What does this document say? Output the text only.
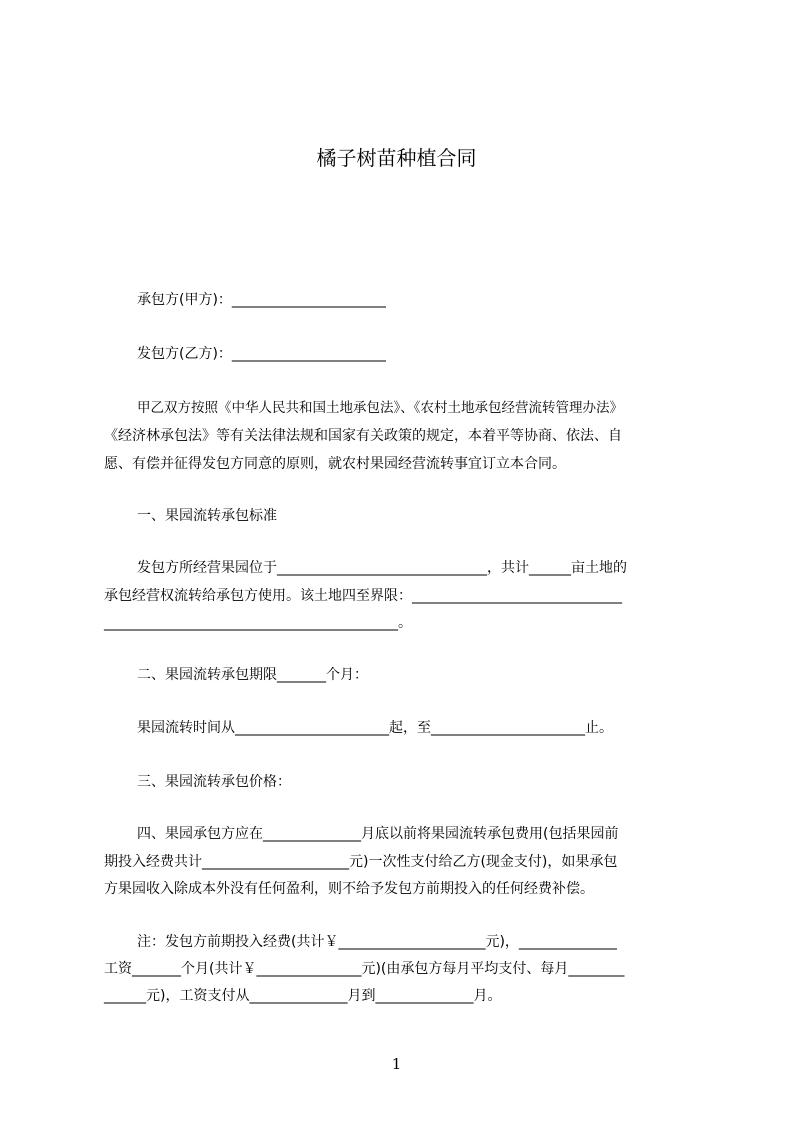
橘子树苗种植合同
承包方(甲方)：______________________
发包方(乙方)：______________________
甲乙双方按照《中华人民共和国土地承包法》、《农村土地承包经营流转管理办法》
《经济林承包法》等有关法律法规和国家有关政策的规定，本着平等协商、依法、自
愿、有偿并征得发包方同意的原则，就农村果园经营流转事宜订立本合同。
一、果园流转承包标准
发包方所经营果园位于______________________________，共计______亩土地的
承包经营权流转给承包方使用。该土地四至界限：______________________________
__________________________________________。
二、果园流转承包期限_______个月：
果园流转时间从______________________起，至______________________止。
三、果园流转承包价格：
四、果园承包方应在______________月底以前将果园流转承包费用(包括果园前
期投入经费共计_____________________元)一次性支付给乙方(现金支付)，如果承包
方果园收入除成本外没有任何盈利，则不给予发包方前期投入的任何经费补偿。
注：发包方前期投入经费(共计￥_____________________元)，______________
工资_______个月(共计￥_______________元)(由承包方每月平均支付、每月________
______元)，工资支付从______________月到______________月。
1
